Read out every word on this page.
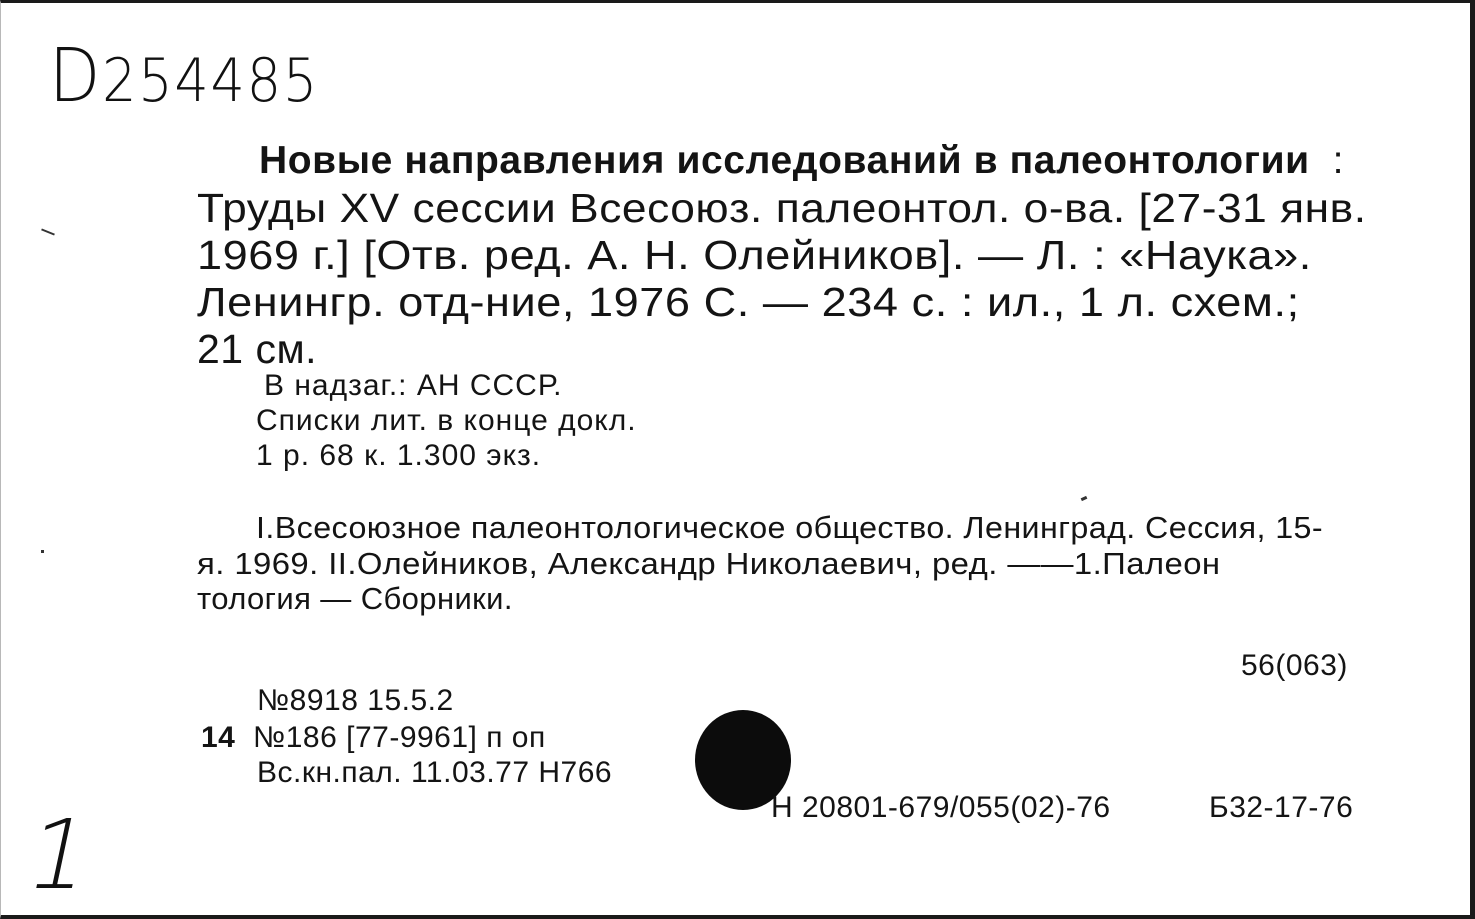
D254485
Новые направления исследований в палеонтологии :
Труды XV сессии Всесоюз. палеонтол. о-ва. [27-31 янв.
1969 г.] [Отв. ред. А. Н. Олейников]. — Л. : «Наука».
Ленингр. отд-ние, 1976 С. — 234 с. : ил., 1 л. схем.;
21 см.
В надзаг.: АН СССР.
Списки лит. в конце докл.
1 р. 68 к. 1.300 экз.
I.Всесоюзное палеонтологическое общество. Ленинград. Сессия, 15-
я. 1969. II.Олейников, Александр Николаевич, ред. ——1.Палеон
тология — Сборники.
56(063)
№8918 15.5.2
14 №186 [77-9961] п оп
Вс.кн.пал. 11.03.77 Н766
Н 20801-679/055(02)-76	Б32-17-76
1
